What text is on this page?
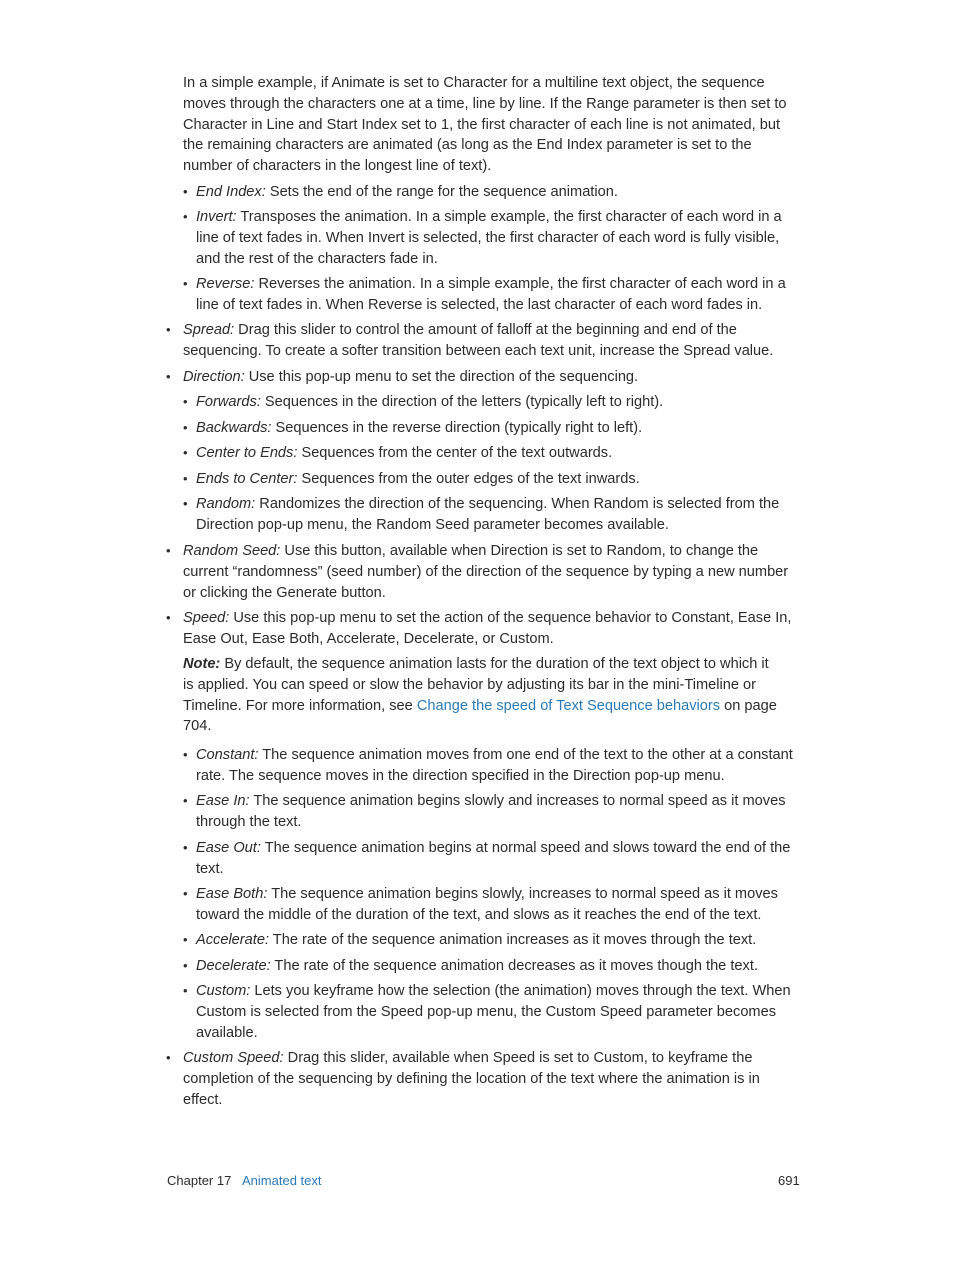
In a simple example, if Animate is set to Character for a multiline text object, the sequence moves through the characters one at a time, line by line. If the Range parameter is then set to Character in Line and Start Index set to 1, the first character of each line is not animated, but the remaining characters are animated (as long as the End Index parameter is set to the number of characters in the longest line of text).

• End Index: Sets the end of the range for the sequence animation.
• Invert: Transposes the animation. In a simple example, the first character of each word in a line of text fades in. When Invert is selected, the first character of each word is fully visible, and the rest of the characters fade in.
• Reverse: Reverses the animation. In a simple example, the first character of each word in a line of text fades in. When Reverse is selected, the last character of each word fades in.
• Spread: Drag this slider to control the amount of falloff at the beginning and end of the sequencing. To create a softer transition between each text unit, increase the Spread value.
• Direction: Use this pop-up menu to set the direction of the sequencing.
• Forwards: Sequences in the direction of the letters (typically left to right).
• Backwards: Sequences in the reverse direction (typically right to left).
• Center to Ends: Sequences from the center of the text outwards.
• Ends to Center: Sequences from the outer edges of the text inwards.
• Random: Randomizes the direction of the sequencing. When Random is selected from the Direction pop-up menu, the Random Seed parameter becomes available.
• Random Seed: Use this button, available when Direction is set to Random, to change the current “randomness” (seed number) of the direction of the sequence by typing a new number or clicking the Generate button.
• Speed: Use this pop-up menu to set the action of the sequence behavior to Constant, Ease In, Ease Out, Ease Both, Accelerate, Decelerate, or Custom.

Note: By default, the sequence animation lasts for the duration of the text object to which it is applied. You can speed or slow the behavior by adjusting its bar in the mini-Timeline or Timeline. For more information, see Change the speed of Text Sequence behaviors on page 704.

• Constant: The sequence animation moves from one end of the text to the other at a constant rate. The sequence moves in the direction specified in the Direction pop-up menu.
• Ease In: The sequence animation begins slowly and increases to normal speed as it moves through the text.
• Ease Out: The sequence animation begins at normal speed and slows toward the end of the text.
• Ease Both: The sequence animation begins slowly, increases to normal speed as it moves toward the middle of the duration of the text, and slows as it reaches the end of the text.
• Accelerate: The rate of the sequence animation increases as it moves through the text.
• Decelerate: The rate of the sequence animation decreases as it moves though the text.
• Custom: Lets you keyframe how the selection (the animation) moves through the text. When Custom is selected from the Speed pop-up menu, the Custom Speed parameter becomes available.
• Custom Speed: Drag this slider, available when Speed is set to Custom, to keyframe the completion of the sequencing by defining the location of the text where the animation is in effect.
Chapter 17 Animated text	691
